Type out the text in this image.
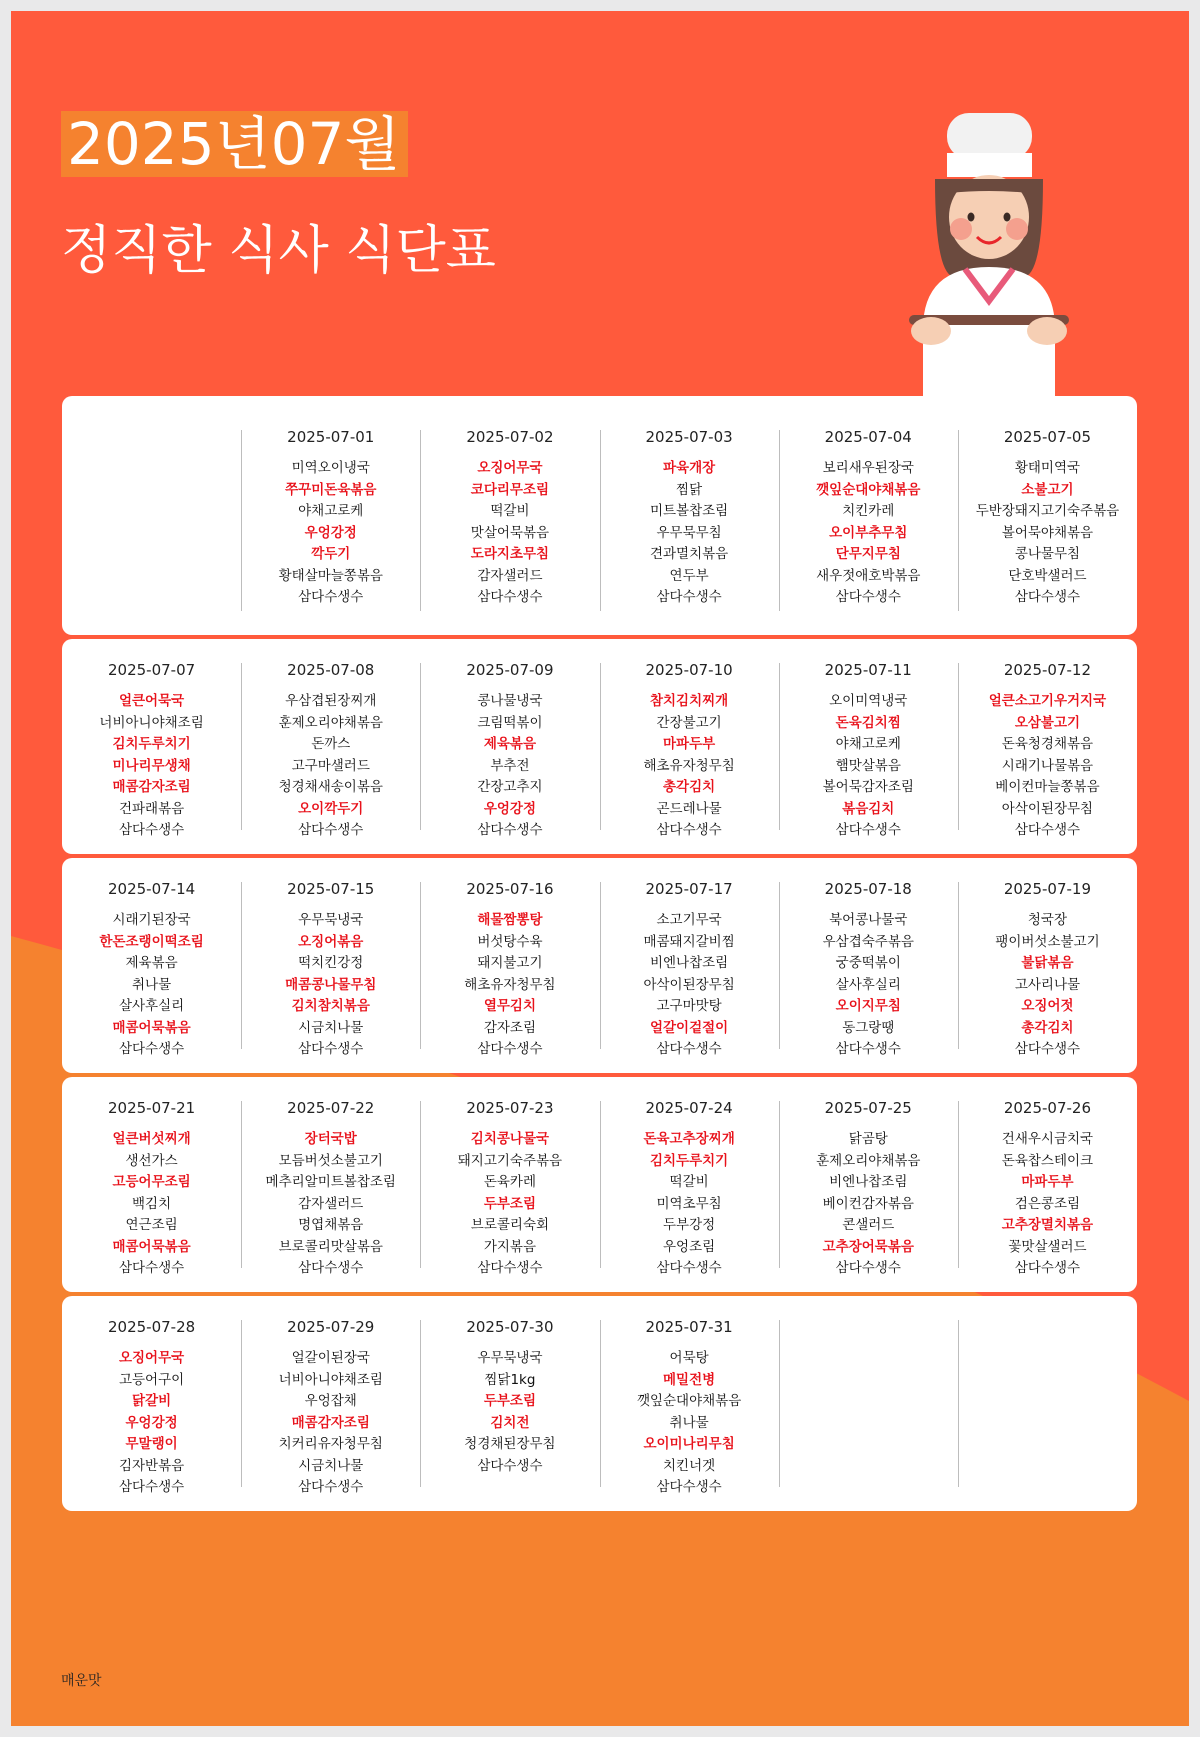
2025년07월
정직한 식사 식단표
2025-07-01
미역오이냉국
쭈꾸미돈육볶음
야채고로케
우엉강정
깍두기
황태살마늘쫑볶음
삼다수생수
2025-07-02
오징어무국
코다리무조림
떡갈비
맛살어묵볶음
도라지초무침
감자샐러드
삼다수생수
2025-07-03
파육개장
찜닭
미트볼찹조림
우무묵무침
견과멸치볶음
연두부
삼다수생수
2025-07-04
보리새우된장국
깻잎순대야채볶음
치킨카레
오이부추무침
단무지무침
새우젓애호박볶음
삼다수생수
2025-07-05
황태미역국
소불고기
두반장돼지고기숙주볶음
볼어묵야채볶음
콩나물무침
단호박샐러드
삼다수생수
2025-07-07
얼큰어묵국
너비아니야채조림
김치두루치기
미나리무생채
매콤감자조림
건파래볶음
삼다수생수
2025-07-08
우삼겹된장찌개
훈제오리야채볶음
돈까스
고구마샐러드
청경채새송이볶음
오이깍두기
삼다수생수
2025-07-09
콩나물냉국
크림떡볶이
제육볶음
부추전
간장고추지
우엉강정
삼다수생수
2025-07-10
참치김치찌개
간장불고기
마파두부
해초유자청무침
총각김치
곤드레나물
삼다수생수
2025-07-11
오이미역냉국
돈육김치찜
야채고로케
햄맛살볶음
볼어묵감자조림
볶음김치
삼다수생수
2025-07-12
얼큰소고기우거지국
오삼불고기
돈육청경채볶음
시래기나물볶음
베이컨마늘쫑볶음
아삭이된장무침
삼다수생수
2025-07-14
시래기된장국
한돈조랭이떡조림
제육볶음
취나물
살사후실리
매콤어묵볶음
삼다수생수
2025-07-15
우무묵냉국
오징어볶음
떡치킨강정
매콤콩나물무침
김치참치볶음
시금치나물
삼다수생수
2025-07-16
해물짬뽕탕
버섯탕수육
돼지불고기
해초유자청무침
열무김치
감자조림
삼다수생수
2025-07-17
소고기무국
매콤돼지갈비찜
비엔나찹조림
아삭이된장무침
고구마맛탕
얼갈이겉절이
삼다수생수
2025-07-18
북어콩나물국
우삼겹숙주볶음
궁중떡볶이
살사후실리
오이지무침
동그랑땡
삼다수생수
2025-07-19
청국장
팽이버섯소불고기
불닭볶음
고사리나물
오징어젓
총각김치
삼다수생수
2025-07-21
얼큰버섯찌개
생선가스
고등어무조림
백김치
연근조림
매콤어묵볶음
삼다수생수
2025-07-22
장터국밥
모듬버섯소불고기
메추리알미트볼찹조림
감자샐러드
명엽채볶음
브로콜리맛살볶음
삼다수생수
2025-07-23
김치콩나물국
돼지고기숙주볶음
돈육카레
두부조림
브로콜리숙회
가지볶음
삼다수생수
2025-07-24
돈육고추장찌개
김치두루치기
떡갈비
미역초무침
두부강정
우엉조림
삼다수생수
2025-07-25
닭곰탕
훈제오리야채볶음
비엔나찹조림
베이컨감자볶음
콘샐러드
고추장어묵볶음
삼다수생수
2025-07-26
건새우시금치국
돈육찹스테이크
마파두부
검은콩조림
고추장멸치볶음
꽃맛살샐러드
삼다수생수
2025-07-28
오징어무국
고등어구이
닭갈비
우엉강정
무말랭이
김자반볶음
삼다수생수
2025-07-29
얼갈이된장국
너비아니야채조림
우엉잡채
매콤감자조림
치커리유자청무침
시금치나물
삼다수생수
2025-07-30
우무묵냉국
찜닭1kg
두부조림
김치전
청경채된장무침
삼다수생수
2025-07-31
어묵탕
메밀전병
깻잎순대야채볶음
취나물
오이미나리무침
치킨너겟
삼다수생수
매운맛
